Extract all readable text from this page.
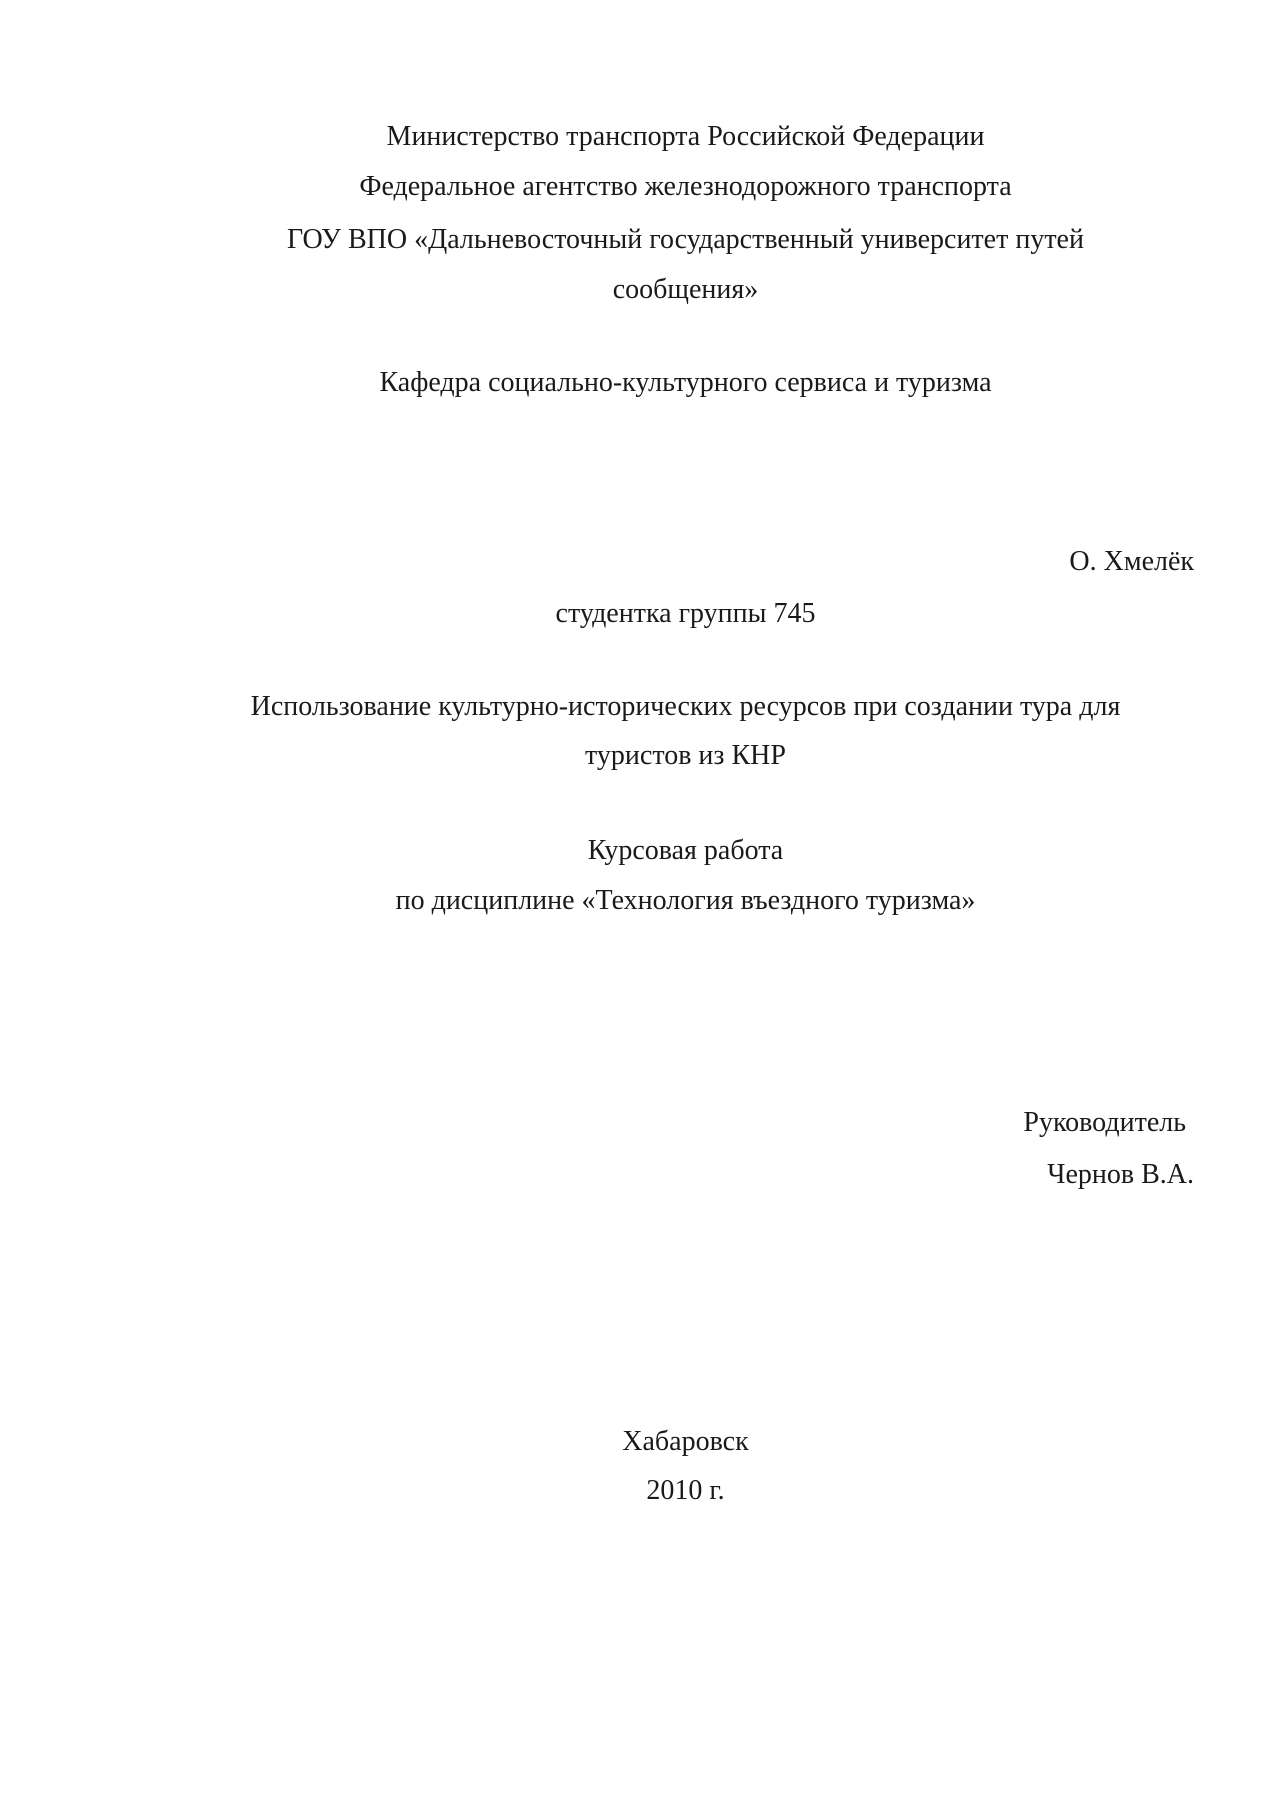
Министерство транспорта Российской Федерации
Федеральное агентство железнодорожного транспорта
ГОУ ВПО «Дальневосточный государственный университет путей
сообщения»
Кафедра социально-культурного сервиса и туризма
О. Хмелёк
студентка группы 745
Использование культурно-исторических ресурсов при создании тура для
туристов из КНР
Курсовая работа
по дисциплине «Технология въездного туризма»
Руководитель
Чернов В.А.
Хабаровск
2010 г.
